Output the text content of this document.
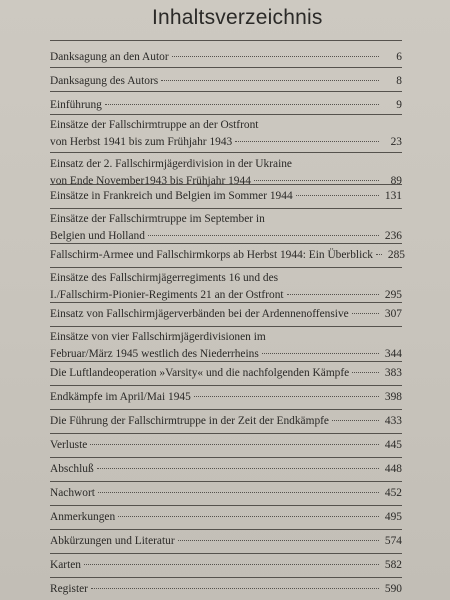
Inhaltsverzeichnis
Danksagung an den Autor	6
Danksagung des Autors	8
Einführung	9
Einsätze der Fallschirmtruppe an der Ostfront
von Herbst 1941 bis zum Frühjahr 1943	23
Einsatz der 2. Fallschirmjägerdivision in der Ukraine
von Ende November1943 bis Frühjahr 1944	89
Einsätze in Frankreich und Belgien im Sommer 1944	131
Einsätze der Fallschirmtruppe im September in
Belgien und Holland	236
Fallschirm-Armee und Fallschirmkorps ab Herbst 1944: Ein Überblick 285
Einsätze des Fallschirmjägerregiments 16 und des
I./Fallschirm-Pionier-Regiments 21 an der Ostfront	295
Einsatz von Fallschirmjägerverbänden bei der Ardennenoffensive	307
Einsätze von vier Fallschirmjägerdivisionen im
Februar/März 1945 westlich des Niederrheins	344
Die Luftlandeoperation »Varsity« und die nachfolgenden Kämpfe	383
Endkämpfe im April/Mai 1945	398
Die Führung der Fallschirmtruppe in der Zeit der Endkämpfe	433
Verluste	445
Abschluß	448
Nachwort	452
Anmerkungen	495
Abkürzungen und Literatur	574
Karten	582
Register	590
